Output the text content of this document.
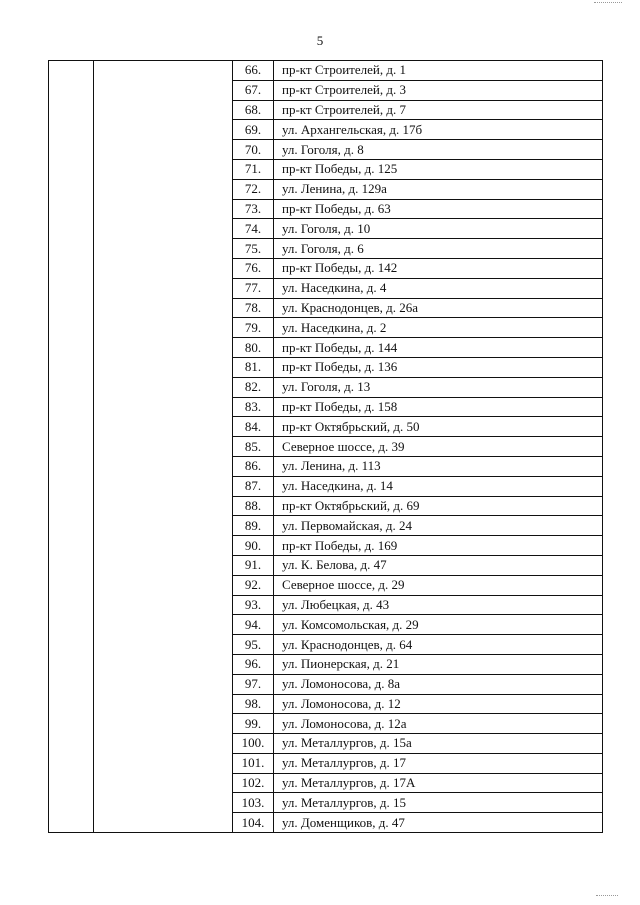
5
		66.	пр-кт Строителей, д. 1
		67.	пр-кт Строителей, д. 3
		68.	пр-кт Строителей, д. 7
		69.	ул. Архангельская, д. 17б
		70.	ул. Гоголя, д. 8
		71.	пр-кт Победы, д. 125
		72.	ул. Ленина, д. 129а
		73.	пр-кт Победы, д. 63
		74.	ул. Гоголя, д. 10
		75.	ул. Гоголя, д. 6
		76.	пр-кт Победы, д. 142
		77.	ул. Наседкина, д. 4
		78.	ул. Краснодонцев, д. 26а
		79.	ул. Наседкина, д. 2
		80.	пр-кт Победы, д. 144
		81.	пр-кт Победы, д. 136
		82.	ул. Гоголя, д. 13
		83.	пр-кт Победы, д. 158
		84.	пр-кт Октябрьский, д. 50
		85.	Северное шоссе, д. 39
		86.	ул. Ленина, д. 113
		87.	ул. Наседкина, д. 14
		88.	пр-кт Октябрьский, д. 69
		89.	ул. Первомайская, д. 24
		90.	пр-кт Победы, д. 169
		91.	ул. К. Белова, д. 47
		92.	Северное шоссе, д. 29
		93.	ул. Любецкая, д. 43
		94.	ул. Комсомольская, д. 29
		95.	ул. Краснодонцев, д. 64
		96.	ул. Пионерская, д. 21
		97.	ул. Ломоносова, д. 8а
		98.	ул. Ломоносова, д. 12
		99.	ул. Ломоносова, д. 12а
		100.	ул. Металлургов, д. 15а
		101.	ул. Металлургов, д. 17
		102.	ул. Металлургов, д. 17А
		103.	ул. Металлургов, д. 15
		104.	ул. Доменщиков, д. 47
